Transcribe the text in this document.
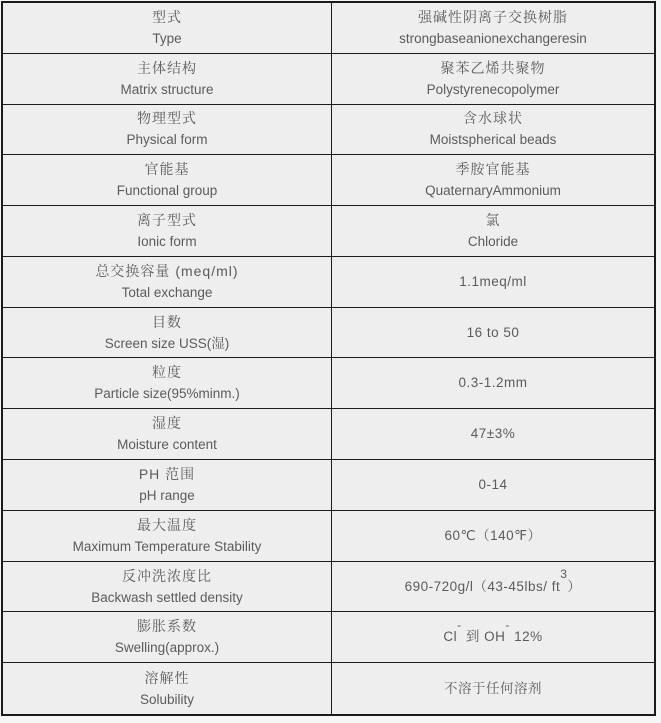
型式
Type
强碱性阴离子交换树脂
strongbaseanionexchangeresin
主体结构
Matrix structure
聚苯乙烯共聚物
Polystyrenecopolymer
物理型式
Physical form
含水球状
Moistspherical beads
官能基
Functional group
季胺官能基
QuaternaryAmmonium
离子型式
Ionic form
氯
Chloride
总交换容量 (meq/ml)
Total exchange
1.1meq/ml
目数
Screen size USS(湿)
16 to 50
粒度
Particle size(95%minm.)
0.3-1.2mm
湿度
Moisture content
47±3%
PH 范围
pH range
0-14
最大温度
Maximum Temperature Stability
60℃（140℉）
反冲洗浓度比
Backwash settled density
690-720g/l（43-45lbs/ $ft^3$）
膨胀系数
Swelling(approx.)
Cl- 到 OH- 12%
溶解性
Solubility
不溶于任何溶剂
